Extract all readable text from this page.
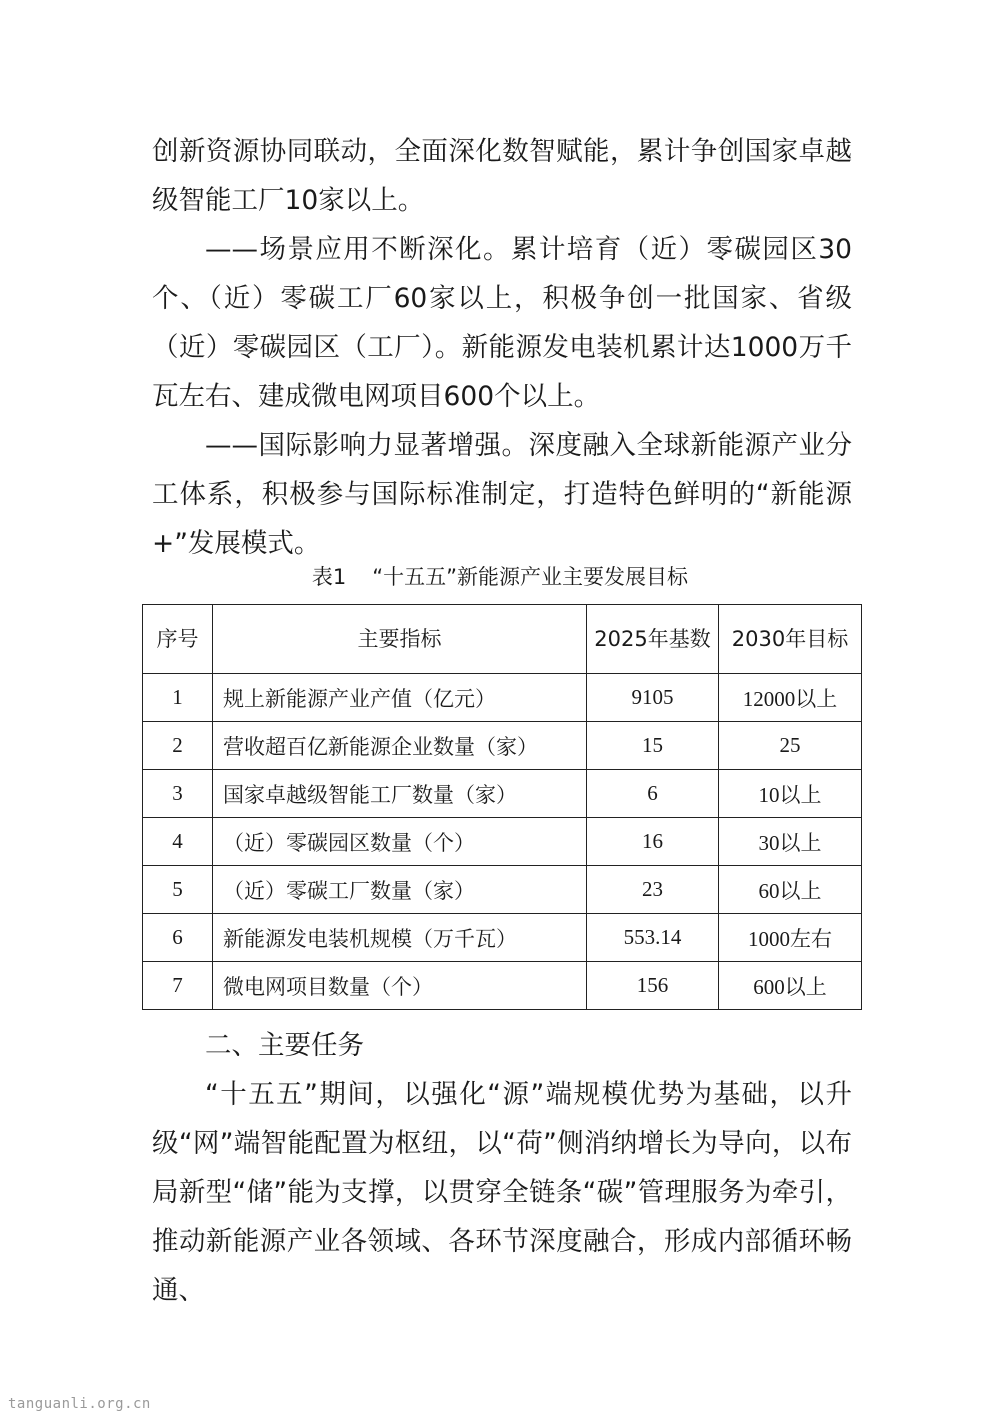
创新资源协同联动，全面深化数智赋能，累计争创国家卓越级智能工厂10家以上。

——场景应用不断深化。累计培育（近）零碳园区30个、（近）零碳工厂60家以上，积极争创一批国家、省级（近）零碳园区（工厂）。新能源发电装机累计达1000万千瓦左右、建成微电网项目600个以上。

——国际影响力显著增强。深度融入全球新能源产业分工体系，积极参与国际标准制定，打造特色鲜明的“新能源+”发展模式。

表1 “十五五”新能源产业主要发展目标

序号	主要指标	2025年基数	2030年目标
1	规上新能源产业产值（亿元）	9105	12000以上
2	营收超百亿新能源企业数量（家）	15	25
3	国家卓越级智能工厂数量（家）	6	10以上
4	（近）零碳园区数量（个）	16	30以上
5	（近）零碳工厂数量（家）	23	60以上
6	新能源发电装机规模（万千瓦）	553.14	1000左右
7	微电网项目数量（个）	156	600以上

二、主要任务

“十五五”期间，以强化“源”端规模优势为基础，以升级“网”端智能配置为枢纽，以“荷”侧消纳增长为导向，以布局新型“储”能为支撑，以贯穿全链条“碳”管理服务为牵引，推动新能源产业各领域、各环节深度融合，形成内部循环畅通、

tanguanli.org.cn
